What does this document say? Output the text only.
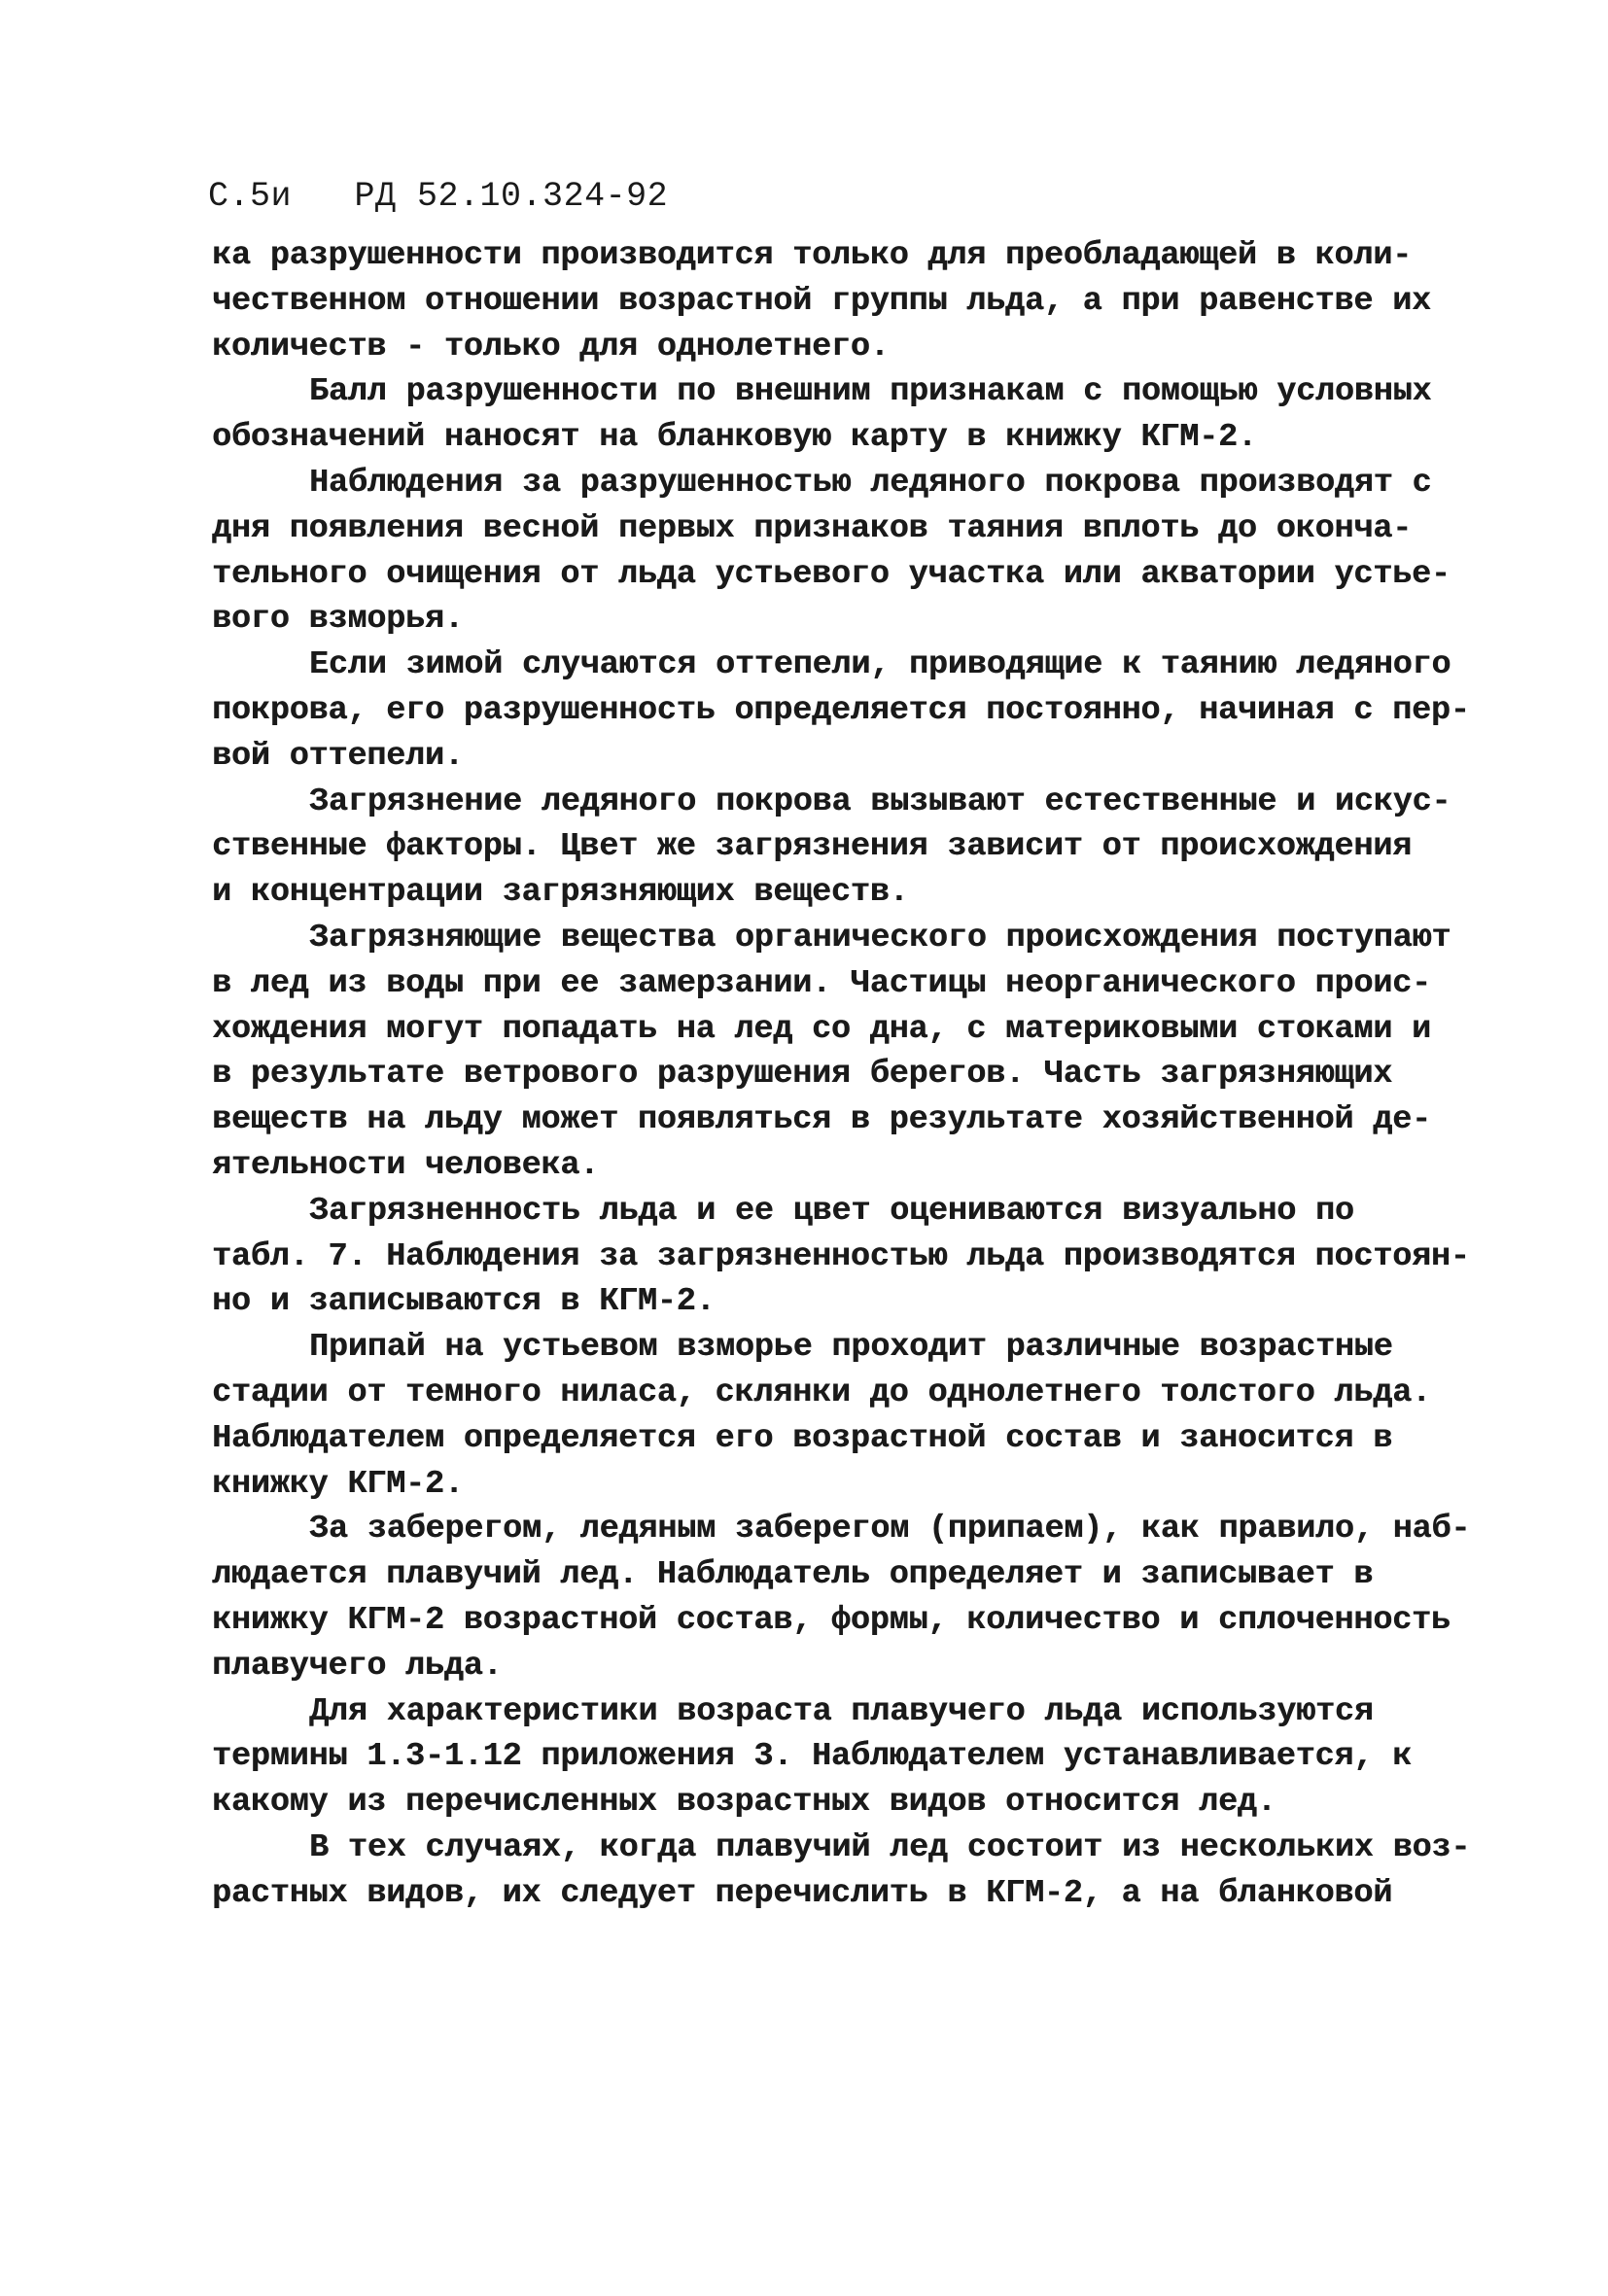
С.5и РД 52.10.324-92
ка разрушенности производится только для преобладающей в коли-
чественном отношении возрастной группы льда, а при равенстве их
количеств - только для однолетнего.
Балл разрушенности по внешним признакам с помощью условных
обозначений наносят на бланковую карту в книжку КГМ-2.
Наблюдения за разрушенностью ледяного покрова производят с
дня появления весной первых признаков таяния вплоть до оконча-
тельного очищения от льда устьевого участка или акватории устье-
вого взморья.
Если зимой случаются оттепели, приводящие к таянию ледяного
покрова, его разрушенность определяется постоянно, начиная с пер-
вой оттепели.
Загрязнение ледяного покрова вызывают естественные и искус-
ственные факторы. Цвет же загрязнения зависит от происхождения
и концентрации загрязняющих веществ.
Загрязняющие вещества органического происхождения поступают
в лед из воды при ее замерзании. Частицы неорганического проис-
хождения могут попадать на лед со дна, с материковыми стоками и
в результате ветрового разрушения берегов. Часть загрязняющих
веществ на льду может появляться в результате хозяйственной де-
ятельности человека.
Загрязненность льда и ее цвет оцениваются визуально по
табл. 7. Наблюдения за загрязненностью льда производятся постоян-
но и записываются в КГМ-2.
Припай на устьевом взморье проходит различные возрастные
стадии от темного ниласа, склянки до однолетнего толстого льда.
Наблюдателем определяется его возрастной состав и заносится в
книжку КГМ-2.
За заберегом, ледяным заберегом (припаем), как правило, наб-
людается плавучий лед. Наблюдатель определяет и записывает в
книжку КГМ-2 возрастной состав, формы, количество и сплоченность
плавучего льда.
Для характеристики возраста плавучего льда используются
термины 1.3-1.12 приложения 3. Наблюдателем устанавливается, к
какому из перечисленных возрастных видов относится лед.
В тех случаях, когда плавучий лед состоит из нескольких воз-
растных видов, их следует перечислить в КГМ-2, а на бланковой
